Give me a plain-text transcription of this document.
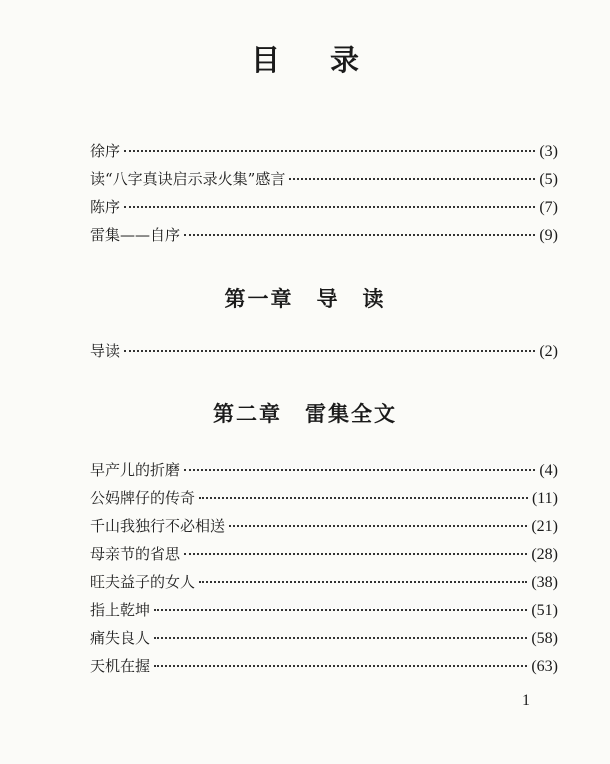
目 录
徐序	(3)
读“八字真诀启示录火集”感言	(5)
陈序	(7)
雷集——自序	(9)
第一章　导　读
导读	(2)
第二章　雷集全文
早产儿的折磨	(4)
公妈牌仔的传奇	(11)
千山我独行不必相送	(21)
母亲节的省思	(28)
旺夫益子的女人	(38)
指上乾坤	(51)
痛失良人	(58)
天机在握	(63)
1
